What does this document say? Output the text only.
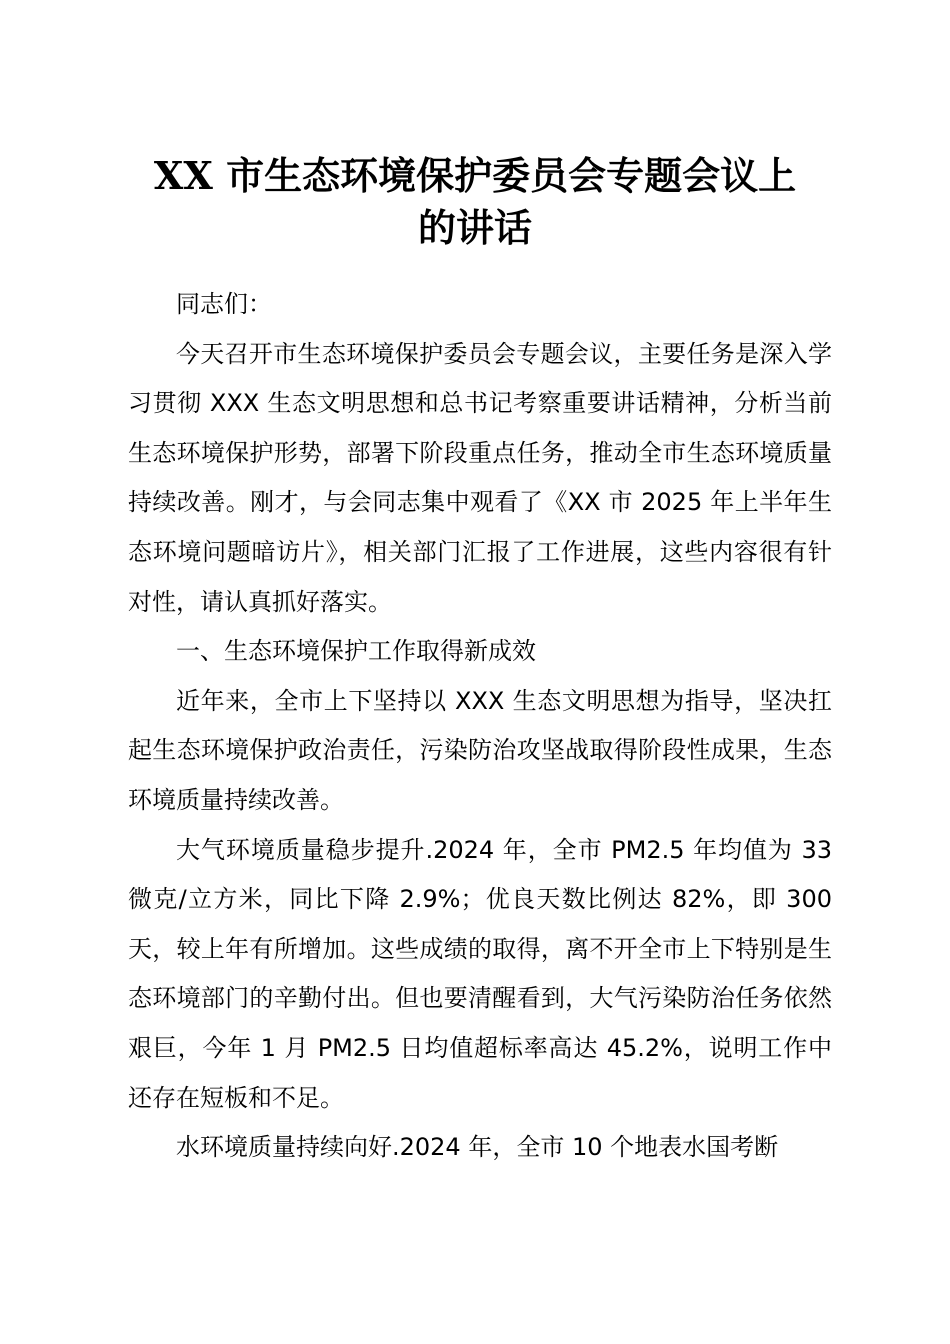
XX 市生态环境保护委员会专题会议上
的讲话

同志们：

今天召开市生态环境保护委员会专题会议，主要任务是深入学习贯彻 XXX 生态文明思想和总书记考察重要讲话精神，分析当前生态环境保护形势，部署下阶段重点任务，推动全市生态环境质量持续改善。刚才，与会同志集中观看了《XX 市 2025 年上半年生态环境问题暗访片》，相关部门汇报了工作进展，这些内容很有针对性，请认真抓好落实。

一、生态环境保护工作取得新成效

近年来，全市上下坚持以 XXX 生态文明思想为指导，坚决扛起生态环境保护政治责任，污染防治攻坚战取得阶段性成果，生态环境质量持续改善。

大气环境质量稳步提升.2024 年，全市 PM2.5 年均值为 33 微克/立方米，同比下降 2.9%；优良天数比例达 82%，即 300 天，较上年有所增加。这些成绩的取得，离不开全市上下特别是生态环境部门的辛勤付出。但也要清醒看到，大气污染防治任务依然艰巨，今年 1 月 PM2.5 日均值超标率高达 45.2%，说明工作中还存在短板和不足。

水环境质量持续向好.2024 年，全市 10 个地表水国考断
